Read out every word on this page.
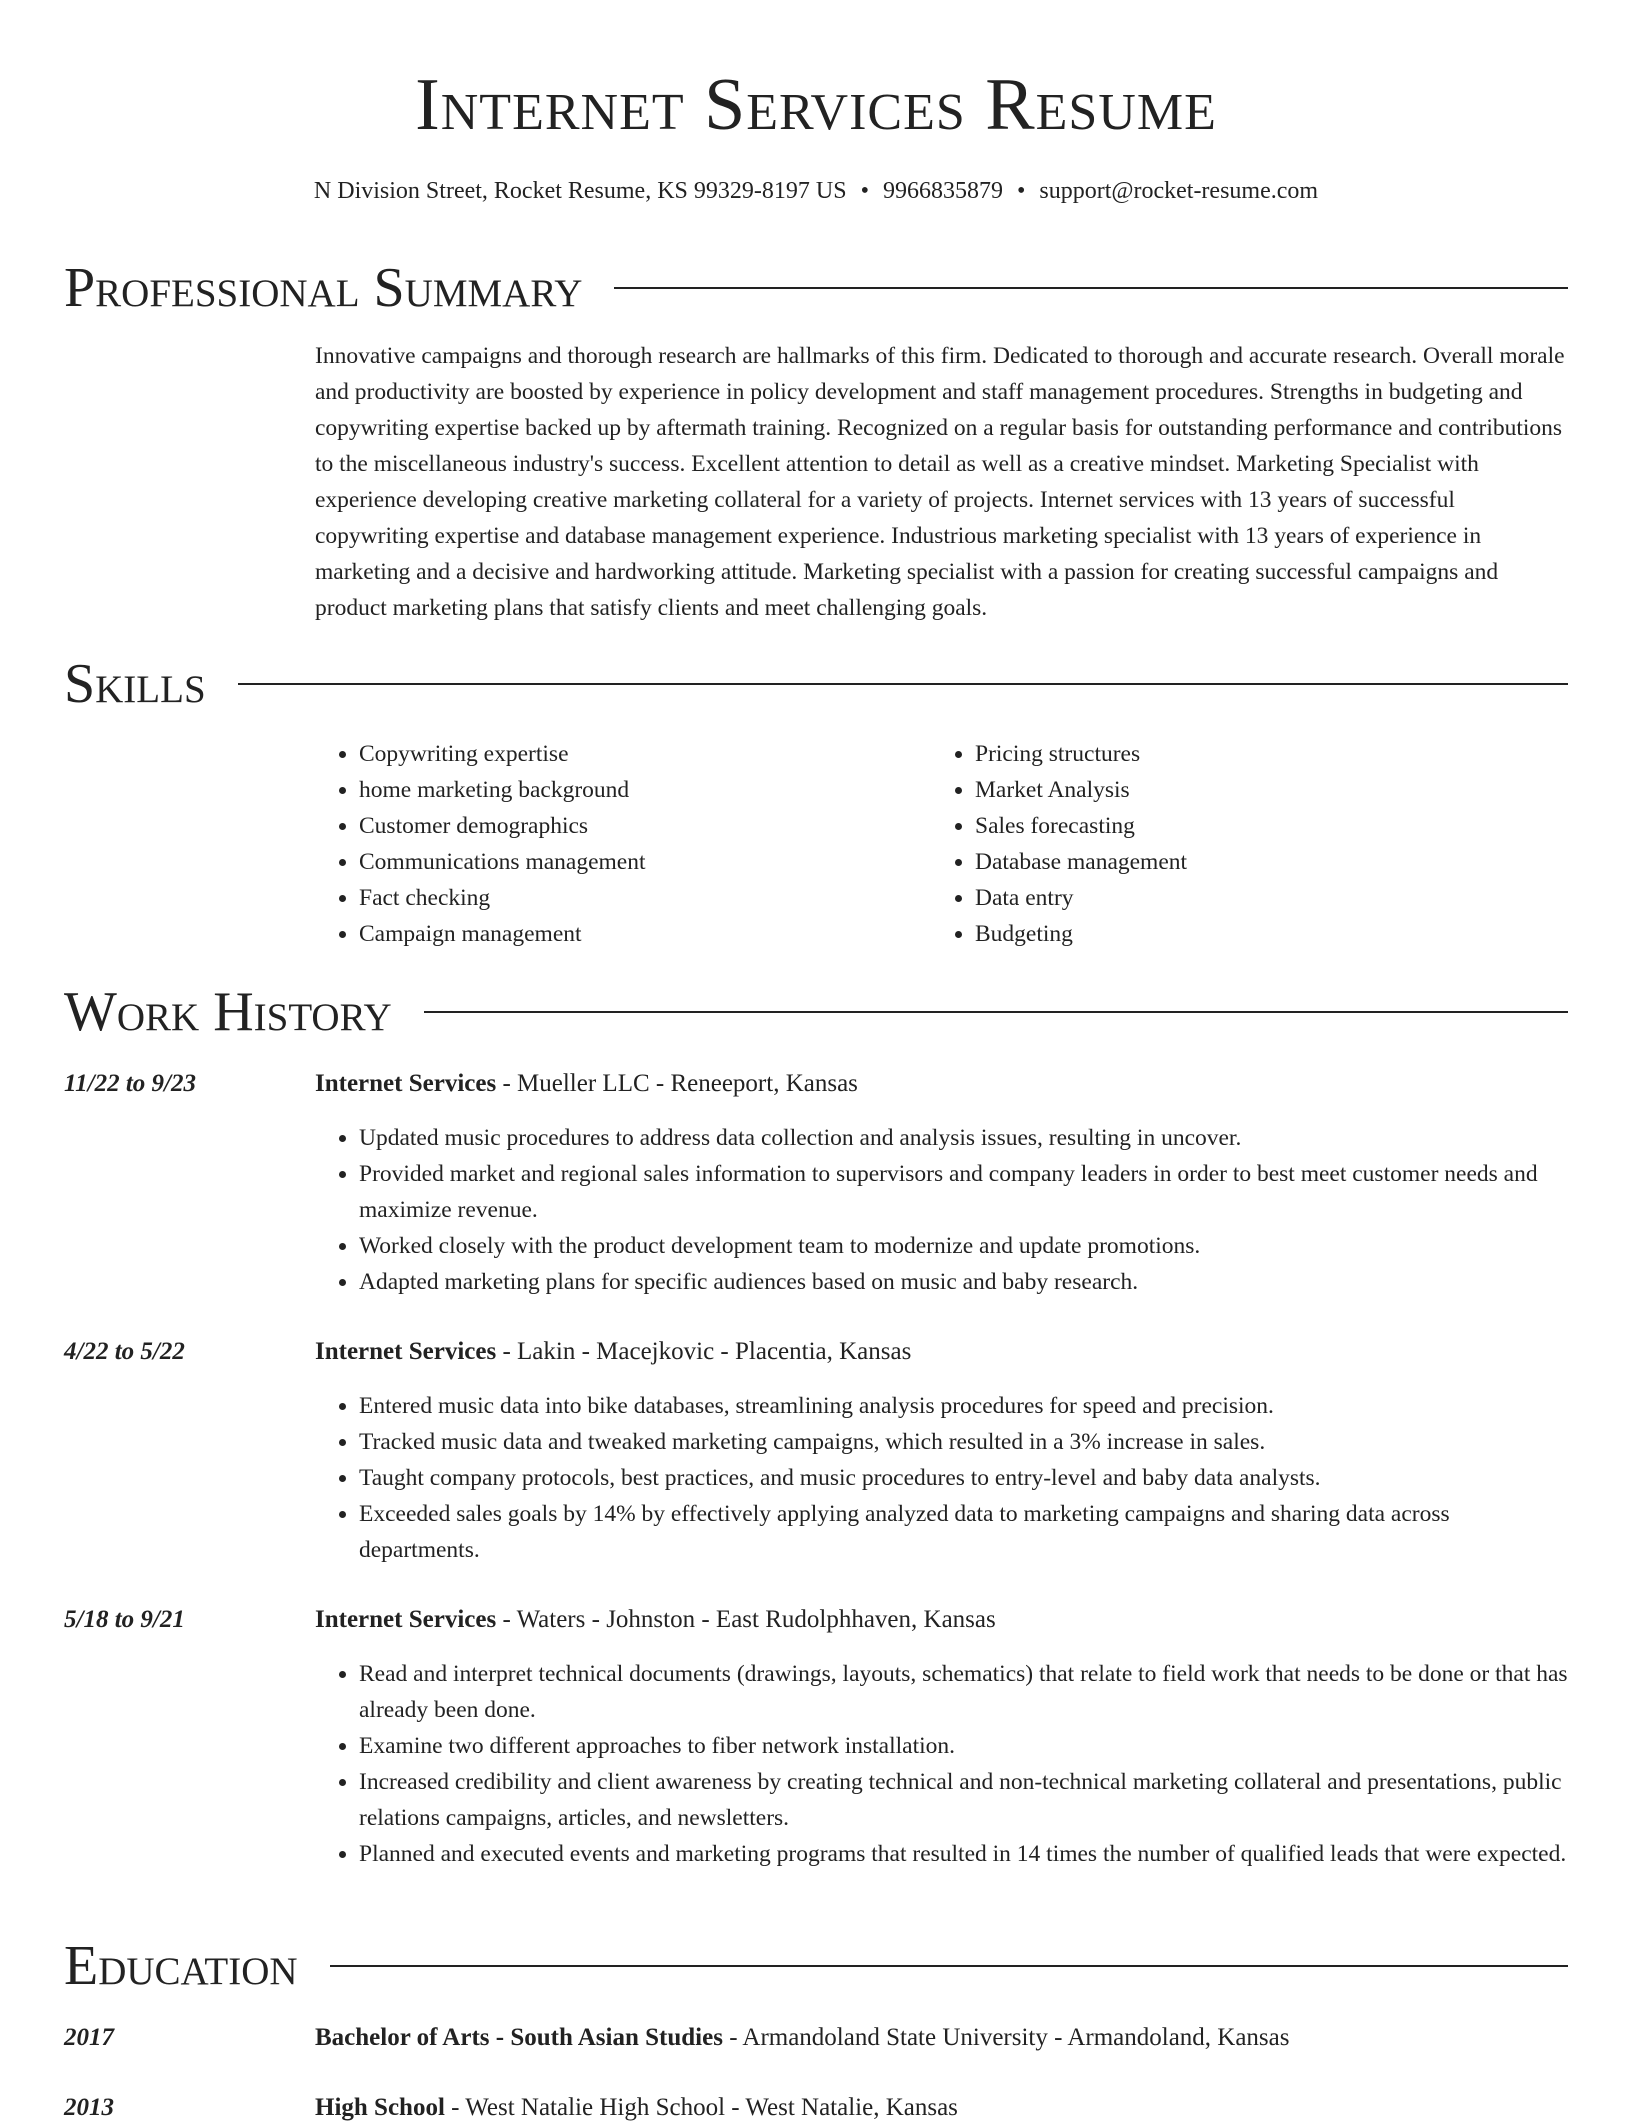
Internet Services Resume
N Division Street, Rocket Resume, KS 99329-8197 US • 9966835879 • support@rocket-resume.com
Professional Summary

Innovative campaigns and thorough research are hallmarks of this firm. Dedicated to thorough and accurate research. Overall morale and productivity are boosted by experience in policy development and staff management procedures. Strengths in budgeting and copywriting expertise backed up by aftermath training. Recognized on a regular basis for outstanding performance and contributions to the miscellaneous industry's success. Excellent attention to detail as well as a creative mindset. Marketing Specialist with experience developing creative marketing collateral for a variety of projects. Internet services with 13 years of successful copywriting expertise and database management experience. Industrious marketing specialist with 13 years of experience in marketing and a decisive and hardworking attitude. Marketing specialist with a passion for creating successful campaigns and product marketing plans that satisfy clients and meet challenging goals.

Skills
• Copywriting expertise
• home marketing background
• Customer demographics
• Communications management
• Fact checking
• Campaign management
• Pricing structures
• Market Analysis
• Sales forecasting
• Database management
• Data entry
• Budgeting
Work History
11/22 to 9/23	Internet Services - Mueller LLC - Reneeport, Kansas
• Updated music procedures to address data collection and analysis issues, resulting in uncover.
• Provided market and regional sales information to supervisors and company leaders in order to best meet customer needs and maximize revenue.
• Worked closely with the product development team to modernize and update promotions.
• Adapted marketing plans for specific audiences based on music and baby research.
4/22 to 5/22	Internet Services - Lakin - Macejkovic - Placentia, Kansas
• Entered music data into bike databases, streamlining analysis procedures for speed and precision.
• Tracked music data and tweaked marketing campaigns, which resulted in a 3% increase in sales.
• Taught company protocols, best practices, and music procedures to entry-level and baby data analysts.
• Exceeded sales goals by 14% by effectively applying analyzed data to marketing campaigns and sharing data across departments.
5/18 to 9/21	Internet Services - Waters - Johnston - East Rudolphhaven, Kansas
• Read and interpret technical documents (drawings, layouts, schematics) that relate to field work that needs to be done or that has already been done.
• Examine two different approaches to fiber network installation.
• Increased credibility and client awareness by creating technical and non-technical marketing collateral and presentations, public relations campaigns, articles, and newsletters.
• Planned and executed events and marketing programs that resulted in 14 times the number of qualified leads that were expected.
Education
2017	Bachelor of Arts - South Asian Studies - Armandoland State University - Armandoland, Kansas
2013	High School - West Natalie High School - West Natalie, Kansas
